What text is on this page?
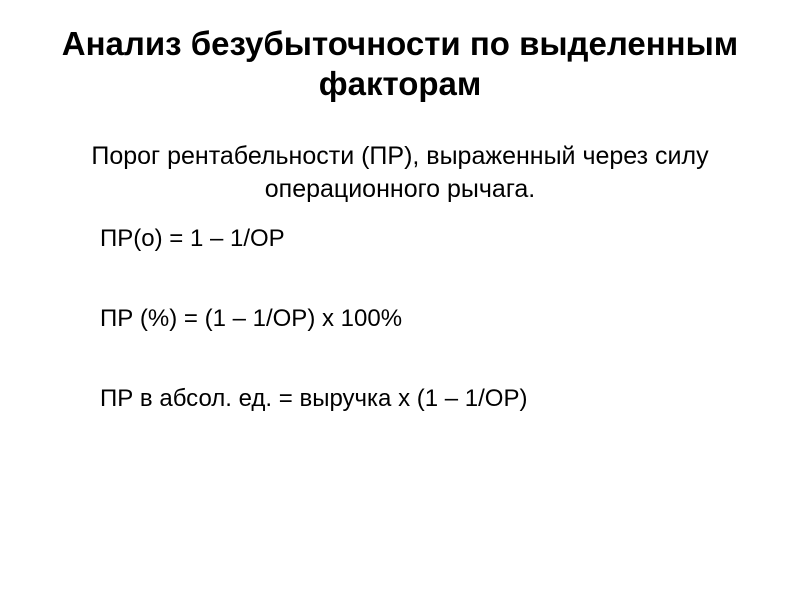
Анализ безубыточности по выделенным факторам
Порог рентабельности (ПР), выраженный через силу операционного рычага.
ПР(о) = 1 – 1/ОР
ПР (%) = (1 – 1/ОР) х 100%
ПР в абсол. ед. = выручка х (1 – 1/ОР)
